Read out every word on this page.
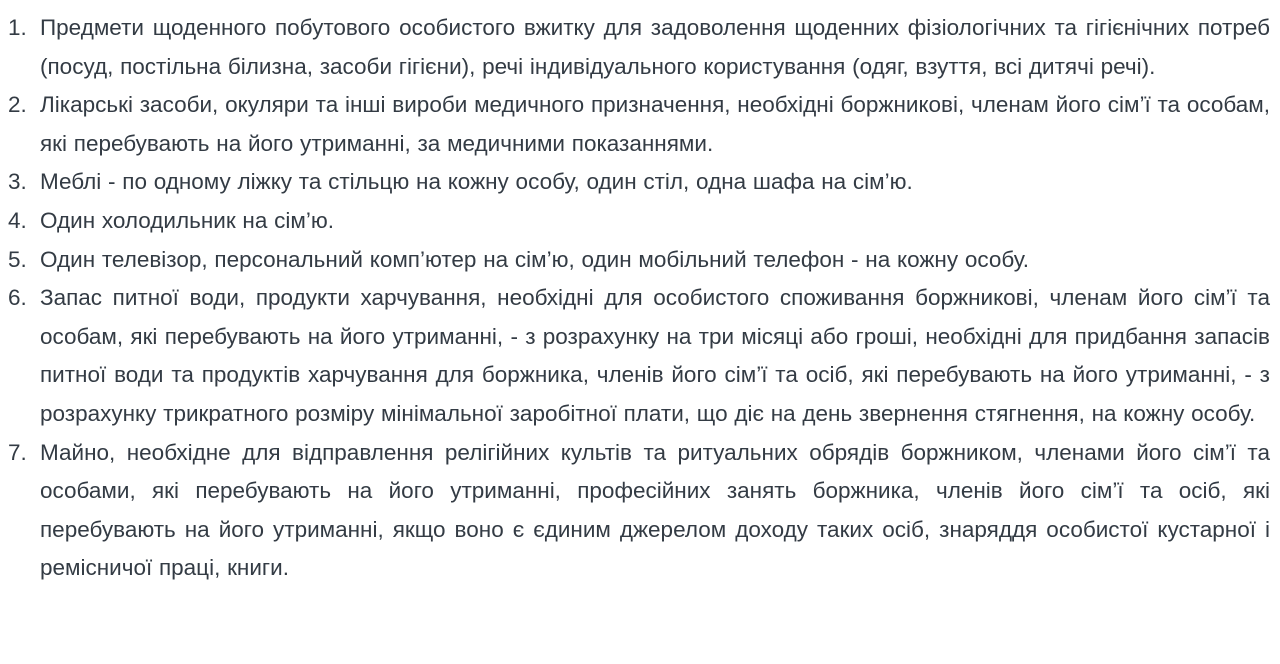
1. Предмети щоденного побутового особистого вжитку для задоволення щоденних фізіологічних та гігієнічних потреб (посуд, постільна білизна, засоби гігієни), речі індивідуального користування (одяг, взуття, всі дитячі речі).
2. Лікарські засоби, окуляри та інші вироби медичного призначення, необхідні боржникові, членам його сім’ї та особам, які перебувають на його утриманні, за медичними показаннями.
3. Меблі - по одному ліжку та стільцю на кожну особу, один стіл, одна шафа на сім’ю.
4. Один холодильник на сім’ю.
5. Один телевізор, персональний комп’ютер на сім’ю, один мобільний телефон - на кожну особу.
6. Запас питної води, продукти харчування, необхідні для особистого споживання боржникові, членам його сім’ї та особам, які перебувають на його утриманні, - з розрахунку на три місяці або гроші, необхідні для придбання запасів питної води та продуктів харчування для боржника, членів його сім’ї та осіб, які перебувають на його утриманні, - з розрахунку трикратного розміру мінімальної заробітної плати, що діє на день звернення стягнення, на кожну особу.
7. Майно, необхідне для відправлення релігійних культів та ритуальних обрядів боржником, членами його сім’ї та особами, які перебувають на його утриманні, професійних занять боржника, членів його сім’ї та осіб, які перебувають на його утриманні, якщо воно є єдиним джерелом доходу таких осіб, знаряддя особистої кустарної і ремісничої праці, книги.
